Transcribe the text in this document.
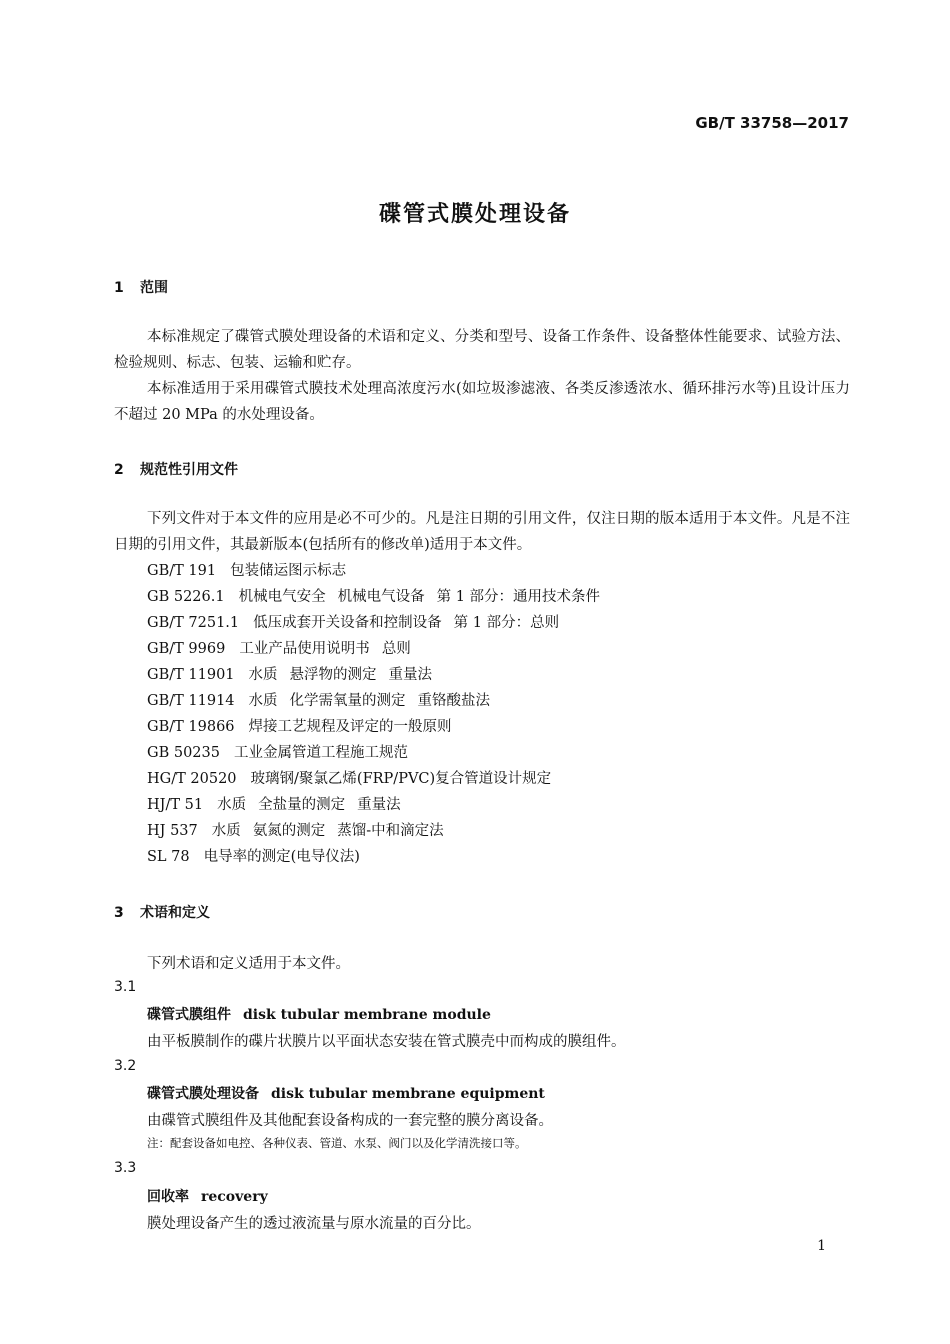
GB/T 33758—2017
碟管式膜处理设备
1 范围

本标准规定了碟管式膜处理设备的术语和定义、分类和型号、设备工作条件、设备整体性能要求、试验方法、检验规则、标志、包装、运输和贮存。

本标准适用于采用碟管式膜技术处理高浓度污水(如垃圾渗滤液、各类反渗透浓水、循环排污水等)且设计压力不超过 20 MPa 的水处理设备。

2 规范性引用文件

下列文件对于本文件的应用是必不可少的。凡是注日期的引用文件，仅注日期的版本适用于本文件。凡是不注日期的引用文件，其最新版本(包括所有的修改单)适用于本文件。

GB/T 191 包装储运图示标志
GB 5226.1 机械电气安全 机械电气设备 第 1 部分：通用技术条件
GB/T 7251.1 低压成套开关设备和控制设备 第 1 部分：总则
GB/T 9969 工业产品使用说明书 总则
GB/T 11901 水质 悬浮物的测定 重量法
GB/T 11914 水质 化学需氧量的测定 重铬酸盐法
GB/T 19866 焊接工艺规程及评定的一般原则
GB 50235 工业金属管道工程施工规范
HG/T 20520 玻璃钢/聚氯乙烯(FRP/PVC)复合管道设计规定
HJ/T 51 水质 全盐量的测定 重量法
HJ 537 水质 氨氮的测定 蒸馏-中和滴定法
SL 78 电导率的测定(电导仪法)
3 术语和定义
下列术语和定义适用于本文件。
3.1
碟管式膜组件 disk tubular membrane module
由平板膜制作的碟片状膜片以平面状态安装在管式膜壳中而构成的膜组件。
3.2
碟管式膜处理设备 disk tubular membrane equipment
由碟管式膜组件及其他配套设备构成的一套完整的膜分离设备。
注：配套设备如电控、各种仪表、管道、水泵、阀门以及化学清洗接口等。
3.3
回收率 recovery
膜处理设备产生的透过液流量与原水流量的百分比。
1
